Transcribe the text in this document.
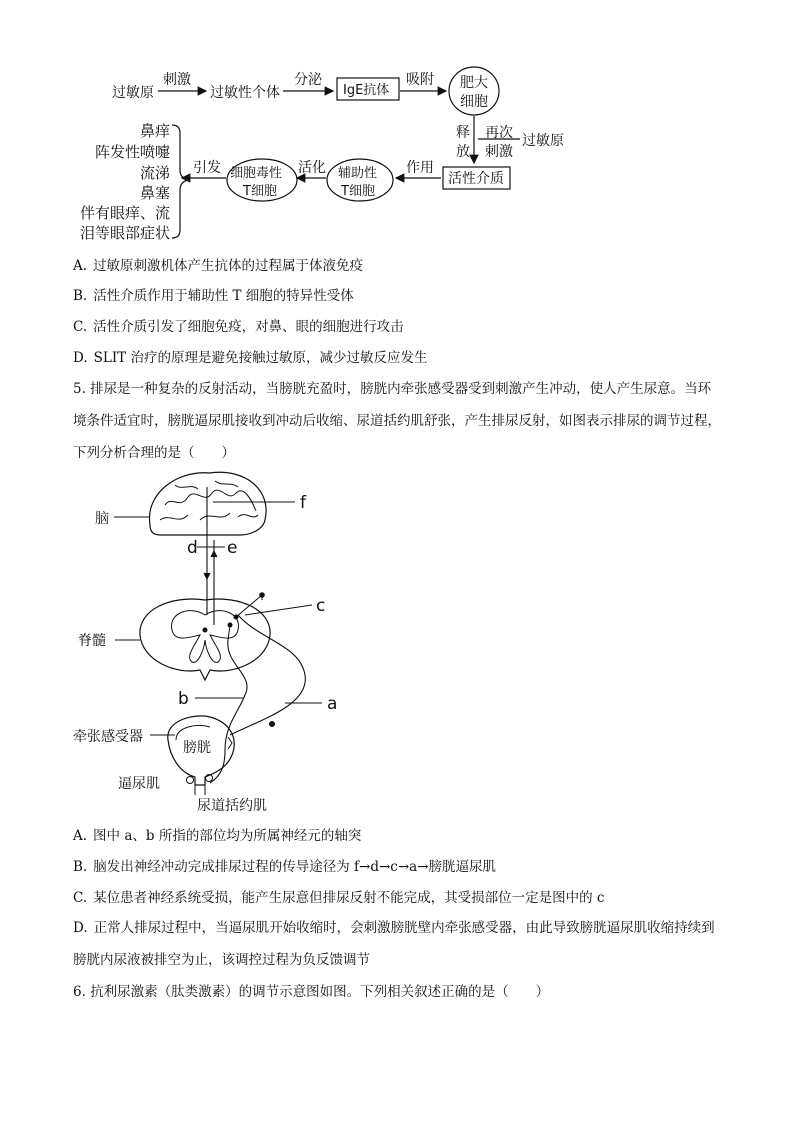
过敏原
刺激
过敏性个体
分泌
IgE抗体
吸附 肥大
细胞
释
放
再次
刺激
过敏原
活性介质
作用
辅助性
T细胞
活化
细胞毒性
T细胞
引发
鼻痒
阵发性喷嚏
流涕
鼻塞
伴有眼痒、流
泪等眼部症状
A. 过敏原刺激机体产生抗体的过程属于体液免疫
B. 活性介质作用于辅助性 T 细胞的特异性受体
C. 活性介质引发了细胞免疫，对鼻、眼的细胞进行攻击
D. SLIT 治疗的原理是避免接触过敏原，减少过敏反应发生
5. 排尿是一种复杂的反射活动，当膀胱充盈时，膀胱内牵张感受器受到刺激产生冲动，使人产生尿意。当环境条件适宜时，膀胱逼尿肌接收到冲动后收缩、尿道括约肌舒张，产生排尿反射，如图表示排尿的调节过程，下列分析合理的是（　　）
脑
f
d e
c
脊髓
a
b
膀胱
牵张感受器
逼尿肌
尿道括约肌
A. 图中 a、b 所指的部位均为所属神经元的轴突
B. 脑发出神经冲动完成排尿过程的传导途径为 f→d→c→a→膀胱逼尿肌
C. 某位患者神经系统受损，能产生尿意但排尿反射不能完成，其受损部位一定是图中的 c
D. 正常人排尿过程中，当逼尿肌开始收缩时，会刺激膀胱壁内牵张感受器，由此导致膀胱逼尿肌收缩持续到膀胱内尿液被排空为止，该调控过程为负反馈调节
6. 抗利尿激素（肽类激素）的调节示意图如图。下列相关叙述正确的是（　　）
